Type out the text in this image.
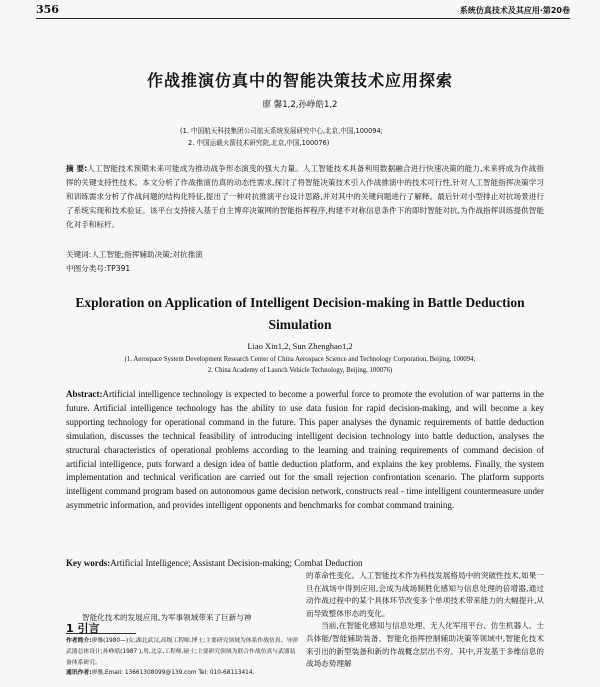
356	系统仿真技术及其应用·第20卷
作战推演仿真中的智能决策技术应用探索
廖 馨1,2,孙峥皓1,2
(1. 中国航天科技集团公司航天系统发展研究中心,北京,中国,100094;
2. 中国运载火箭技术研究院,北京,中国,100076)
摘 要:人工智能技术预期未来可能成为推动战争形态演变的强大力量。人工智能技术具备利用数据融合进行快速决策的能力,未来将成为作战指挥的关键支持性技术。本文分析了作战推演仿真的动态性需求,探讨了将智能决策技术引入作战推演中的技术可行性,针对人工智能指挥决策学习和训练需求分析了作战问题的结构化特征,提出了一种对抗推演平台设计思路,并对其中的关键问题进行了解释。最后针对小型排止对抗场景进行了系统实现和技术验证。该平台支持接入基于自主博弈决策网的智能指挥程序,构建不对称信息条件下的即时智能对抗,为作战指挥训练提供智能化对手和标杆。
关键词:人工智能;指挥辅助决策;对抗推演
中图分类号:TP391
Exploration on Application of Intelligent Decision-making in Battle Deduction Simulation
Liao Xin1,2, Sun Zhenghao1,2
(1. Aerospace System Development Research Center of China Aerospace Science and Technology Corporation, Beijing, 100094;
2. China Academy of Launch Vehicle Technology, Beijing, 100076)
Abstract:Artificial intelligence technology is expected to become a powerful force to promote the evolution of war patterns in the future. Artificial intelligence technology has the ability to use data fusion for rapid decision-making, and will become a key supporting technology for operational command in the future. This paper analyses the dynamic requirements of battle deduction simulation, discusses the technical feasibility of introducing intelligent decision technology into battle deduction, analyses the structural characteristics of operational problems according to the learning and training requirements of command decision of artificial intelligence, puts forward a design idea of battle deduction platform, and explains the key problems. Finally, the system implementation and technical verification are carried out for the small rejection confrontation scenario. The platform supports intelligent command program based on autonomous game decision network, constructs real - time intelligent countermeasure under asymmetric information, and provides intelligent opponents and benchmarks for combat command training.
Key words:Artificial Intelligence; Assistant Decision-making; Combat Deduction
1 引言
智能化技术的发展应用,为军事领域带来了巨新与神
作者简介:廖馨(1980—)女,湖北武汉,高级工程师,博士;主要研究领域为体系作战仿真、导弹武器总体设计;孙峥皓(1987 ),男,北京,工程师,硕士;主要研究领域为联合作战仿真与武器装备体系研究。
通讯作者:廖馨,Email: 13661308099@139.com Tel: 010-68113414.

的革命性变化。人工智能技术作为科技发展格局中的突破性技术,如果一旦在战场中得到应用,会成为战场制胜化感知与信息处理的倍增器,通过动作战过程中的某个具体环节改变多个单项技术带来能力的大幅提升,从而导致整体形态的变化。

当前,在智能化感知与信息处理、无人化军用平台、仿生机器人、士兵体能/智能辅助装备、智能化指挥控制辅助决策等领域中,智能化技术来引出的新型装备和新的作战概念层出不穷。其中,开发基于多维信息的战场态势理解
